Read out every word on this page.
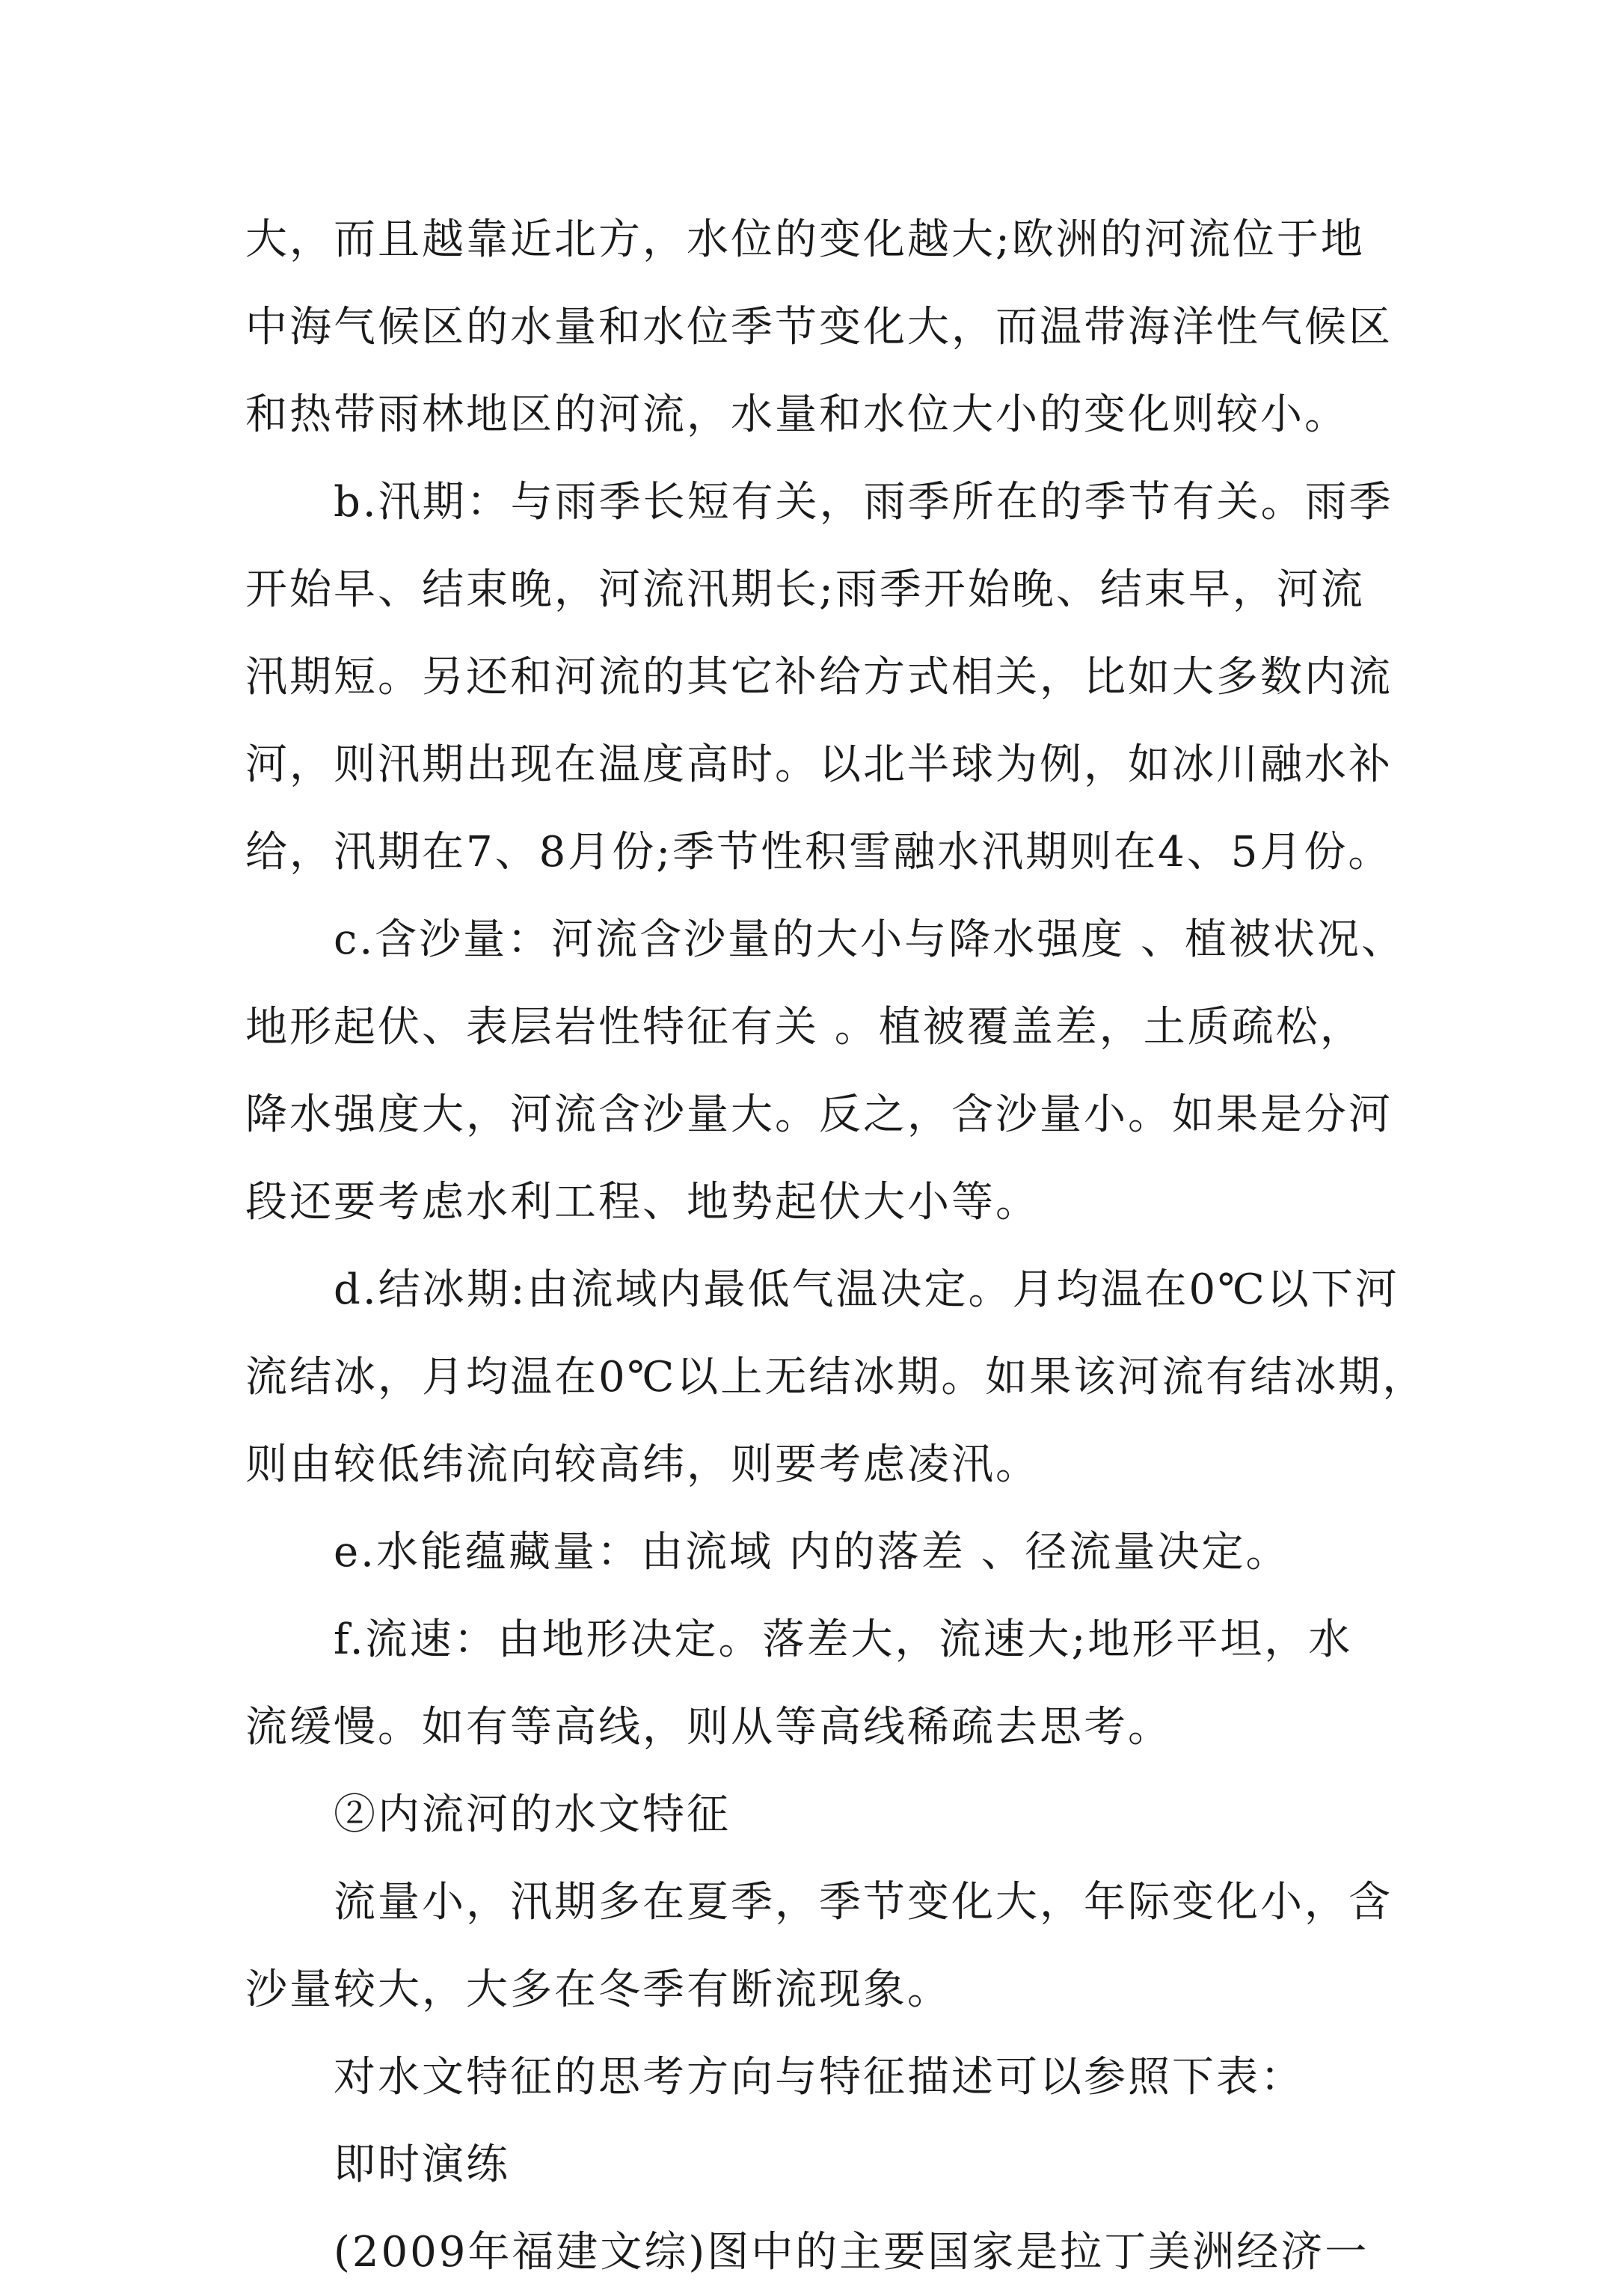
大，而且越靠近北方，水位的变化越大;欧洲的河流位于地
中海气候区的水量和水位季节变化大，而温带海洋性气候区
和热带雨林地区的河流，水量和水位大小的变化则较小。
b.汛期：与雨季长短有关，雨季所在的季节有关。雨季
开始早、结束晚，河流汛期长;雨季开始晚、结束早，河流
汛期短。另还和河流的其它补给方式相关，比如大多数内流
河，则汛期出现在温度高时。以北半球为例，如冰川融水补
给，汛期在7、8月份;季节性积雪融水汛期则在4、5月份。
c.含沙量：河流含沙量的大小与降水强度 、植被状况、
地形起伏、表层岩性特征有关 。植被覆盖差，土质疏松，
降水强度大，河流含沙量大。反之，含沙量小。如果是分河
段还要考虑水利工程、地势起伏大小等。
d.结冰期:由流域内最低气温决定。月均温在0℃以下河
流结冰，月均温在0℃以上无结冰期。如果该河流有结冰期，
则由较低纬流向较高纬，则要考虑凌汛。
e.水能蕴藏量：由流域 内的落差 、径流量决定。
f.流速：由地形决定。落差大，流速大;地形平坦，水
流缓慢。如有等高线，则从等高线稀疏去思考。
②内流河的水文特征
流量小，汛期多在夏季，季节变化大，年际变化小，含
沙量较大，大多在冬季有断流现象。
对水文特征的思考方向与特征描述可以参照下表：
即时演练
(2009年福建文综)图中的主要国家是拉丁美洲经济一
